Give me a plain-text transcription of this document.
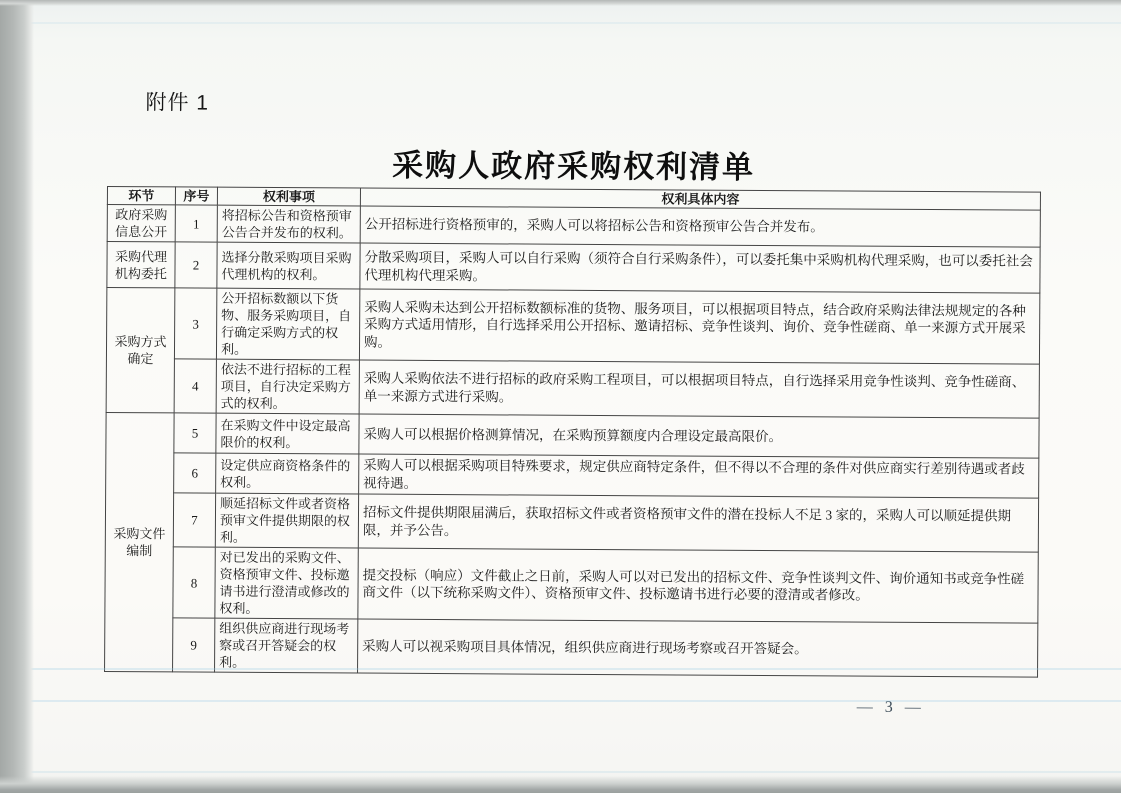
附件 1
采购人政府采购权利清单
环节	序号	权利事项	权利具体内容
政府采购信息公开	1	将招标公告和资格预审公告合并发布的权利。	公开招标进行资格预审的，采购人可以将招标公告和资格预审公告合并发布。
采购代理机构委托	2	选择分散采购项目采购代理机构的权利。	分散采购项目，采购人可以自行采购（须符合自行采购条件），可以委托集中采购机构代理采购，也可以委托社会代理机构代理采购。
采购方式确定	3	公开招标数额以下货物、服务采购项目，自行确定采购方式的权利。	采购人采购未达到公开招标数额标准的货物、服务项目，可以根据项目特点，结合政府采购法律法规规定的各种采购方式适用情形，自行选择采用公开招标、邀请招标、竞争性谈判、询价、竞争性磋商、单一来源方式开展采购。
	4	依法不进行招标的工程项目，自行决定采购方式的权利。	采购人采购依法不进行招标的政府采购工程项目，可以根据项目特点，自行选择采用竞争性谈判、竞争性磋商、单一来源方式进行采购。
采购文件编制	5	在采购文件中设定最高限价的权利。	采购人可以根据价格测算情况，在采购预算额度内合理设定最高限价。
	6	设定供应商资格条件的权利。	采购人可以根据采购项目特殊要求，规定供应商特定条件，但不得以不合理的条件对供应商实行差别待遇或者歧视待遇。
	7	顺延招标文件或者资格预审文件提供期限的权利。	招标文件提供期限届满后，获取招标文件或者资格预审文件的潜在投标人不足 3 家的，采购人可以顺延提供期限，并予公告。
	8	对已发出的采购文件、资格预审文件、投标邀请书进行澄清或修改的权利。	提交投标（响应）文件截止之日前，采购人可以对已发出的招标文件、竞争性谈判文件、询价通知书或竞争性磋商文件（以下统称采购文件）、资格预审文件、投标邀请书进行必要的澄清或者修改。
	9	组织供应商进行现场考察或召开答疑会的权利。	采购人可以视采购项目具体情况，组织供应商进行现场考察或召开答疑会。
— 3 —
